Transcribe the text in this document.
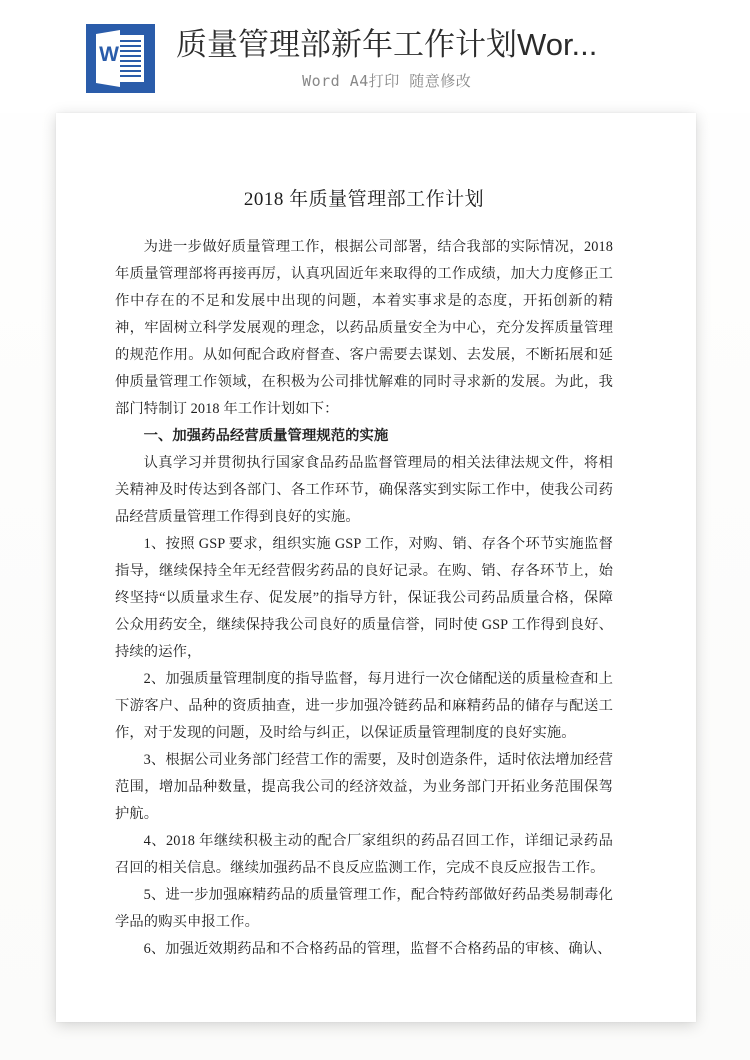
W 质量管理部新年工作计划Wor...
Word A4打印 随意修改
2018 年质量管理部工作计划

为进一步做好质量管理工作，根据公司部署，结合我部的实际情况，2018 年质量管理部将再接再厉，认真巩固近年来取得的工作成绩，加大力度修正工作中存在的不足和发展中出现的问题，本着实事求是的态度，开拓创新的精神，牢固树立科学发展观的理念，以药品质量安全为中心，充分发挥质量管理的规范作用。从如何配合政府督查、客户需要去谋划、去发展，不断拓展和延伸质量管理工作领域，在积极为公司排忧解难的同时寻求新的发展。为此，我部门特制订 2018 年工作计划如下：

一、加强药品经营质量管理规范的实施

认真学习并贯彻执行国家食品药品监督管理局的相关法律法规文件，将相关精神及时传达到各部门、各工作环节，确保落实到实际工作中，使我公司药品经营质量管理工作得到良好的实施。

1、按照 GSP 要求，组织实施 GSP 工作，对购、销、存各个环节实施监督指导，继续保持全年无经营假劣药品的良好记录。在购、销、存各环节上，始终坚持“以质量求生存、促发展”的指导方针，保证我公司药品质量合格，保障公众用药安全，继续保持我公司良好的质量信誉，同时使 GSP 工作得到良好、持续的运作，

2、加强质量管理制度的指导监督，每月进行一次仓储配送的质量检查和上下游客户、品种的资质抽查，进一步加强冷链药品和麻精药品的储存与配送工作，对于发现的问题，及时给与纠正，以保证质量管理制度的良好实施。

3、根据公司业务部门经营工作的需要，及时创造条件，适时依法增加经营范围，增加品种数量，提高我公司的经济效益，为业务部门开拓业务范围保驾护航。

4、2018 年继续积极主动的配合厂家组织的药品召回工作，详细记录药品召回的相关信息。继续加强药品不良反应监测工作，完成不良反应报告工作。

5、进一步加强麻精药品的质量管理工作，配合特药部做好药品类易制毒化学品的购买申报工作。

6、加强近效期药品和不合格药品的管理，监督不合格药品的审核、确认、
